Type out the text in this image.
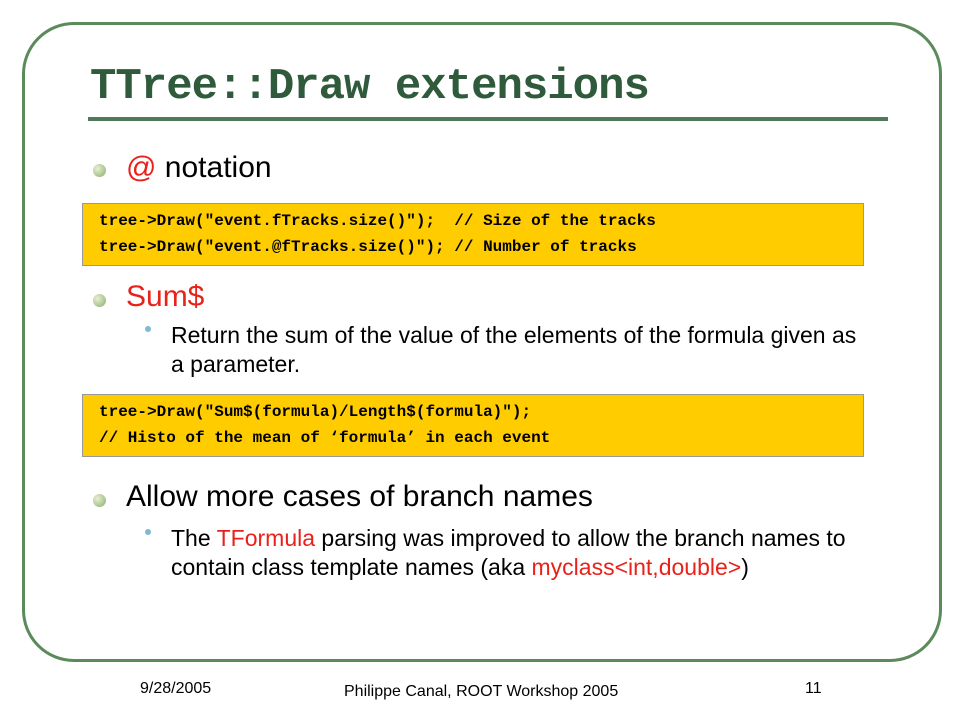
TTree::Draw extensions

@ notation

tree->Draw("event.fTracks.size()");  // Size of the tracks
tree->Draw("event.@fTracks.size()"); // Number of tracks

Sum$

Return the sum of the value of the elements of the formula given as a parameter.

tree->Draw("Sum$(formula)/Length$(formula)");
// Histo of the mean of ‘formula’ in each event

Allow more cases of branch names

The TFormula parsing was improved to allow the branch names to contain class template names (aka myclass<int,double>)

9/28/2005	Philippe Canal, ROOT Workshop 2005	11
